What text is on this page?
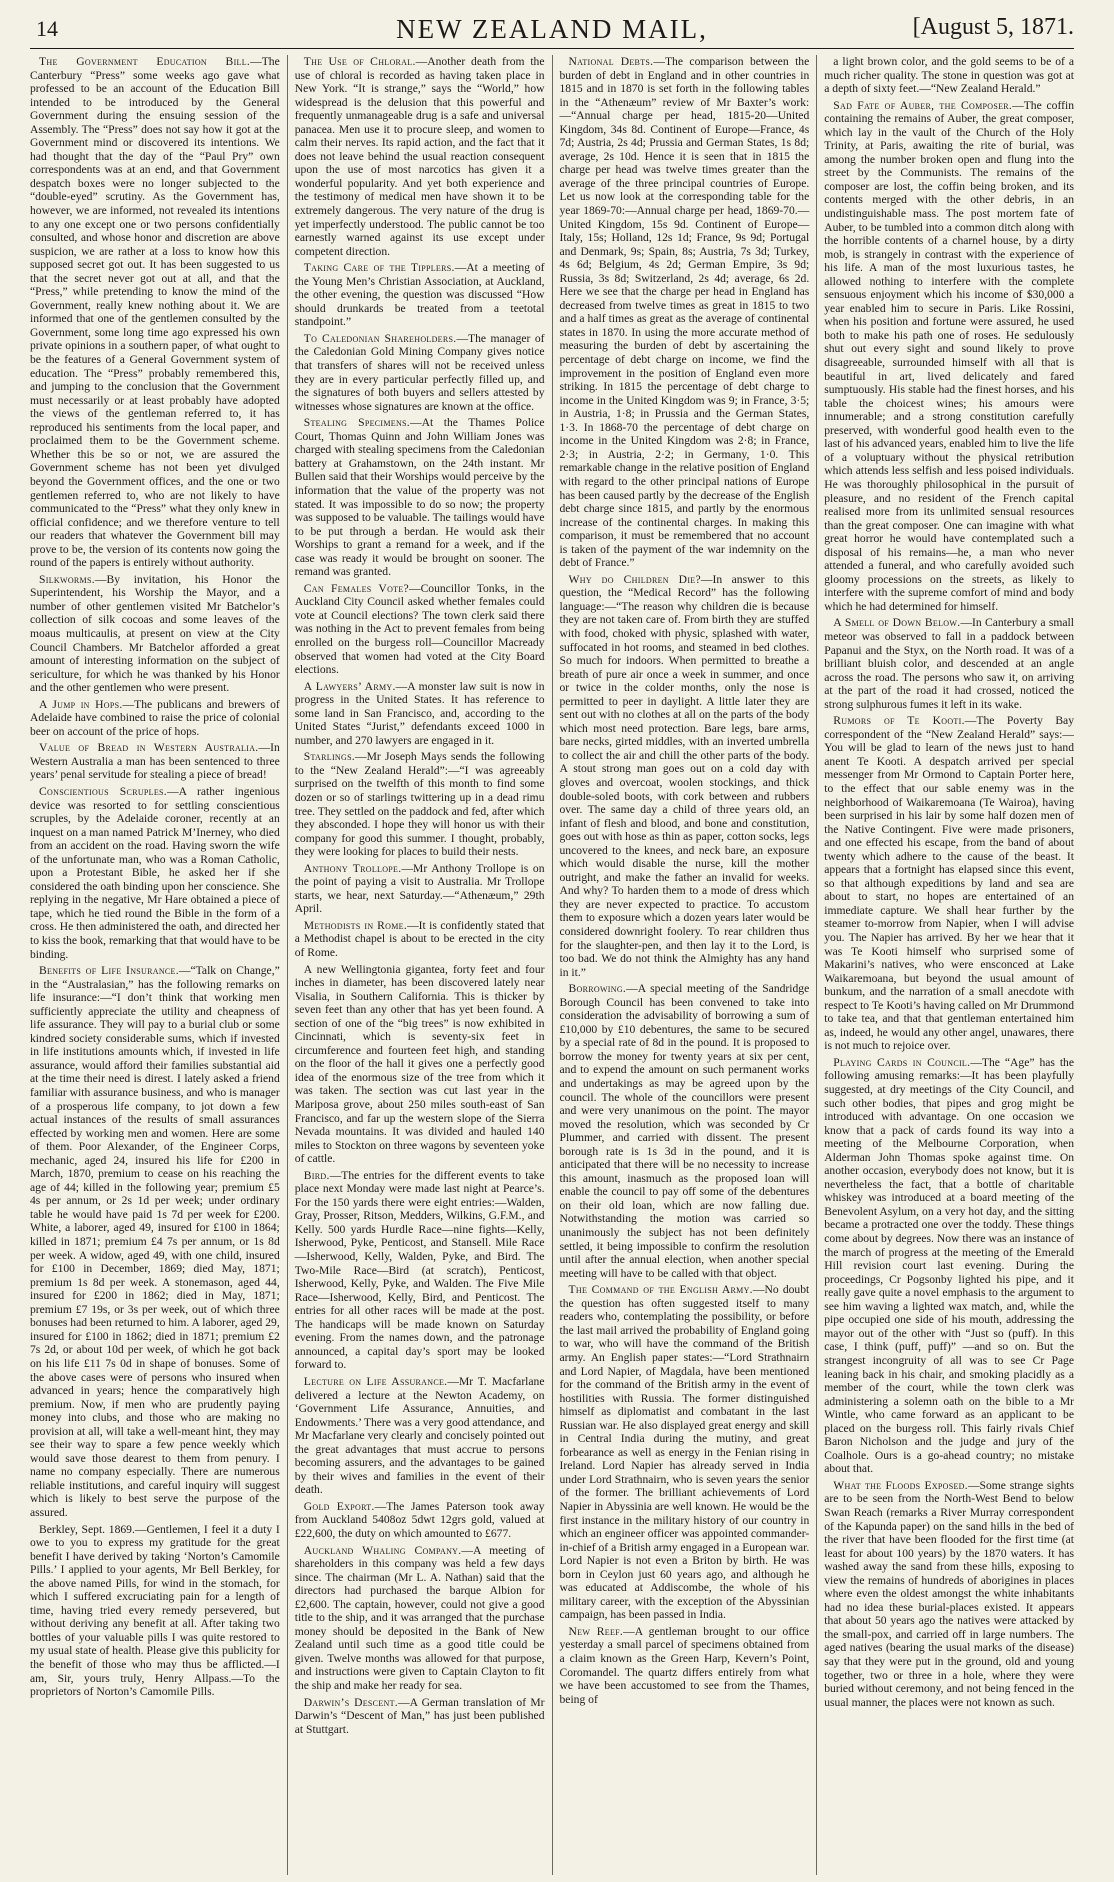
14	NEW ZEALAND MAIL,	[August 5, 1871.

The Government Education Bill.—The Canterbury “Press” some weeks ago gave what professed to be an account of the Education Bill intended to be introduced by the General Government during the ensuing session of the Assembly. The “Press” does not say how it got at the Government mind or discovered its intentions. We had thought that the day of the “Paul Pry” own correspondents was at an end, and that Government despatch boxes were no longer subjected to the “double-eyed” scrutiny. As the Government has, however, we are informed, not revealed its intentions to any one except one or two persons confidentially consulted, and whose honor and discretion are above suspicion, we are rather at a loss to know how this supposed secret got out. It has been suggested to us that the secret never got out at all, and that the “Press,” while pretending to know the mind of the Government, really knew nothing about it. We are informed that one of the gentlemen consulted by the Government, some long time ago expressed his own private opinions in a southern paper, of what ought to be the features of a General Government system of education. The “Press” probably remembered this, and jumping to the conclusion that the Government must necessarily or at least probably have adopted the views of the gentleman referred to, it has reproduced his sentiments from the local paper, and proclaimed them to be the Government scheme. Whether this be so or not, we are assured the Government scheme has not been yet divulged beyond the Government offices, and the one or two gentlemen referred to, who are not likely to have communicated to the “Press” what they only knew in official confidence; and we therefore venture to tell our readers that whatever the Government bill may prove to be, the version of its contents now going the round of the papers is entirely without authority.

Silkworms.—By invitation, his Honor the Superintendent, his Worship the Mayor, and a number of other gentlemen visited Mr Batchelor’s collection of silk cocoas and some leaves of the moaus multicaulis, at present on view at the City Council Chambers. Mr Batchelor afforded a great amount of interesting information on the subject of sericulture, for which he was thanked by his Honor and the other gentlemen who were present.

A Jump in Hops.—The publicans and brewers of Adelaide have combined to raise the price of colonial beer on account of the price of hops.

Value of Bread in Western Australia.—In Western Australia a man has been sentenced to three years’ penal servitude for stealing a piece of bread!

Conscientious Scruples.—A rather ingenious device was resorted to for settling conscientious scruples, by the Adelaide coroner, recently at an inquest on a man named Patrick M’Inerney, who died from an accident on the road. Having sworn the wife of the unfortunate man, who was a Roman Catholic, upon a Protestant Bible, he asked her if she considered the oath binding upon her conscience. She replying in the negative, Mr Hare obtained a piece of tape, which he tied round the Bible in the form of a cross. He then administered the oath, and directed her to kiss the book, remarking that that would have to be binding.

Benefits of Life Insurance.—“Talk on Change,” in the “Australasian,” has the following remarks on life insurance:—“I don’t think that working men sufficiently appreciate the utility and cheapness of life assurance. They will pay to a burial club or some kindred society considerable sums, which if invested in life institutions amounts which, if invested in life assurance, would afford their families substantial aid at the time their need is direst. I lately asked a friend familiar with assurance business, and who is manager of a prosperous life company, to jot down a few actual instances of the results of small assurances effected by working men and women. Here are some of them. Poor Alexander, of the Engineer Corps, mechanic, aged 24, insured his life for £200 in March, 1870, premium to cease on his reaching the age of 44; killed in the following year; premium £5 4s per annum, or 2s 1d per week; under ordinary table he would have paid 1s 7d per week for £200. White, a laborer, aged 49, insured for £100 in 1864; killed in 1871; premium £4 7s per annum, or 1s 8d per week. A widow, aged 49, with one child, insured for £100 in December, 1869; died May, 1871; premium 1s 8d per week. A stonemason, aged 44, insured for £200 in 1862; died in May, 1871; premium £7 19s, or 3s per week, out of which three bonuses had been returned to him. A laborer, aged 29, insured for £100 in 1862; died in 1871; premium £2 7s 2d, or about 10d per week, of which he got back on his life £11 7s 0d in shape of bonuses. Some of the above cases were of persons who insured when advanced in years; hence the comparatively high premium. Now, if men who are prudently paying money into clubs, and those who are making no provision at all, will take a well-meant hint, they may see their way to spare a few pence weekly which would save those dearest to them from penury. I name no company especially. There are numerous reliable institutions, and careful inquiry will suggest which is likely to best serve the purpose of the assured.

Berkley, Sept. 1869.—Gentlemen, I feel it a duty I owe to you to express my gratitude for the great benefit I have derived by taking ‘Norton’s Camomile Pills.’ I applied to your agents, Mr Bell Berkley, for the above named Pills, for wind in the stomach, for which I suffered excruciating pain for a length of time, having tried every remedy persevered, but without deriving any benefit at all. After taking two bottles of your valuable pills I was quite restored to my usual state of health. Please give this publicity for the benefit of those who may thus be afflicted.—I am, Sir, yours truly, Henry Allpass.—To the proprietors of Norton’s Camomile Pills.

The Use of Chloral.—Another death from the use of chloral is recorded as having taken place in New York. “It is strange,” says the “World,” how widespread is the delusion that this powerful and frequently unmanageable drug is a safe and universal panacea. Men use it to procure sleep, and women to calm their nerves. Its rapid action, and the fact that it does not leave behind the usual reaction consequent upon the use of most narcotics has given it a wonderful popularity. And yet both experience and the testimony of medical men have shown it to be extremely dangerous. The very nature of the drug is yet imperfectly understood. The public cannot be too earnestly warned against its use except under competent direction.

Taking Care of the Tipplers.—At a meeting of the Young Men’s Christian Association, at Auckland, the other evening, the question was discussed “How should drunkards be treated from a teetotal standpoint.”

To Caledonian Shareholders.—The manager of the Caledonian Gold Mining Company gives notice that transfers of shares will not be received unless they are in every particular perfectly filled up, and the signatures of both buyers and sellers attested by witnesses whose signatures are known at the office.

Stealing Specimens.—At the Thames Police Court, Thomas Quinn and John William Jones was charged with stealing specimens from the Caledonian battery at Grahamstown, on the 24th instant. Mr Bullen said that their Worships would perceive by the information that the value of the property was not stated. It was impossible to do so now; the property was supposed to be valuable. The tailings would have to be put through a berdan. He would ask their Worships to grant a remand for a week, and if the case was ready it would be brought on sooner. The remand was granted.

Can Females Vote?—Councillor Tonks, in the Auckland City Council asked whether females could vote at Council elections? The town clerk said there was nothing in the Act to prevent females from being enrolled on the burgess roll—Councillor Macready observed that women had voted at the City Board elections.

A Lawyers’ Army.—A monster law suit is now in progress in the United States. It has reference to some land in San Francisco, and, according to the United States “Jurist,” defendants exceed 1000 in number, and 270 lawyers are engaged in it.

Starlings.—Mr Joseph Mays sends the following to the “New Zealand Herald”:—“I was agreeably surprised on the twelfth of this month to find some dozen or so of starlings twittering up in a dead rimu tree. They settled on the paddock and fed, after which they absconded. I hope they will honor us with their company for good this summer. I thought, probably, they were looking for places to build their nests.

Anthony Trollope.—Mr Anthony Trollope is on the point of paying a visit to Australia. Mr Trollope starts, we hear, next Saturday.—“Athenæum,” 29th April.

Methodists in Rome.—It is confidently stated that a Methodist chapel is about to be erected in the city of Rome.

A new Wellingtonia gigantea, forty feet and four inches in diameter, has been discovered lately near Visalia, in Southern California. This is thicker by seven feet than any other that has yet been found. A section of one of the “big trees” is now exhibited in Cincinnati, which is seventy-six feet in circumference and fourteen feet high, and standing on the floor of the hall it gives one a perfectly good idea of the enormous size of the tree from which it was taken. The section was cut last year in the Mariposa grove, about 250 miles south-east of San Francisco, and far up the western slope of the Sierra Nevada mountains. It was divided and hauled 140 miles to Stockton on three wagons by seventeen yoke of cattle.

Bird.—The entries for the different events to take place next Monday were made last night at Pearce’s. For the 150 yards there were eight entries:—Walden, Gray, Prosser, Ritson, Medders, Wilkins, G.F.M., and Kelly. 500 yards Hurdle Race—nine fights—Kelly, Isherwood, Pyke, Penticost, and Stansell. Mile Race—Isherwood, Kelly, Walden, Pyke, and Bird. The Two-Mile Race—Bird (at scratch), Penticost, Isherwood, Kelly, Pyke, and Walden. The Five Mile Race—Isherwood, Kelly, Bird, and Penticost. The entries for all other races will be made at the post. The handicaps will be made known on Saturday evening. From the names down, and the patronage announced, a capital day’s sport may be looked forward to.

Lecture on Life Assurance.—Mr T. Macfarlane delivered a lecture at the Newton Academy, on ‘Government Life Assurance, Annuities, and Endowments.’ There was a very good attendance, and Mr Macfarlane very clearly and concisely pointed out the great advantages that must accrue to persons becoming assurers, and the advantages to be gained by their wives and families in the event of their death.

Gold Export.—The James Paterson took away from Auckland 5408oz 5dwt 12grs gold, valued at £22,600, the duty on which amounted to £677.

Auckland Whaling Company.—A meeting of shareholders in this company was held a few days since. The chairman (Mr L. A. Nathan) said that the directors had purchased the barque Albion for £2,600. The captain, however, could not give a good title to the ship, and it was arranged that the purchase money should be deposited in the Bank of New Zealand until such time as a good title could be given. Twelve months was allowed for that purpose, and instructions were given to Captain Clayton to fit the ship and make her ready for sea.

Darwin’s Descent.—A German translation of Mr Darwin’s “Descent of Man,” has just been published at Stuttgart.

National Debts.—The comparison between the burden of debt in England and in other countries in 1815 and in 1870 is set forth in the following tables in the “Athenæum” review of Mr Baxter’s work:—“Annual charge per head, 1815-20—United Kingdom, 34s 8d. Continent of Europe—France, 4s 7d; Austria, 2s 4d; Prussia and German States, 1s 8d; average, 2s 10d. Hence it is seen that in 1815 the charge per head was twelve times greater than the average of the three principal countries of Europe. Let us now look at the corresponding table for the year 1869-70:—Annual charge per head, 1869-70.—United Kingdom, 15s 9d. Continent of Europe—Italy, 15s; Holland, 12s 1d; France, 9s 9d; Portugal and Denmark, 9s; Spain, 8s; Austria, 7s 3d; Turkey, 4s 6d; Belgium, 4s 2d; German Empire, 3s 9d; Russia, 3s 8d; Switzerland, 2s 4d; average, 6s 2d. Here we see that the charge per head in England has decreased from twelve times as great in 1815 to two and a half times as great as the average of continental states in 1870. In using the more accurate method of measuring the burden of debt by ascertaining the percentage of debt charge on income, we find the improvement in the position of England even more striking. In 1815 the percentage of debt charge to income in the United Kingdom was 9; in France, 3·5; in Austria, 1·8; in Prussia and the German States, 1·3. In 1868-70 the percentage of debt charge on income in the United Kingdom was 2·8; in France, 2·3; in Austria, 2·2; in Germany, 1·0. This remarkable change in the relative position of England with regard to the other principal nations of Europe has been caused partly by the decrease of the English debt charge since 1815, and partly by the enormous increase of the continental charges. In making this comparison, it must be remembered that no account is taken of the payment of the war indemnity on the debt of France.”

Why do Children Die?—In answer to this question, the “Medical Record” has the following language:—“The reason why children die is because they are not taken care of. From birth they are stuffed with food, choked with physic, splashed with water, suffocated in hot rooms, and steamed in bed clothes. So much for indoors. When permitted to breathe a breath of pure air once a week in summer, and once or twice in the colder months, only the nose is permitted to peer in daylight. A little later they are sent out with no clothes at all on the parts of the body which most need protection. Bare legs, bare arms, bare necks, girted middles, with an inverted umbrella to collect the air and chill the other parts of the body. A stout strong man goes out on a cold day with gloves and overcoat, woolen stockings, and thick double-soled boots, with cork between and rubbers over. The same day a child of three years old, an infant of flesh and blood, and bone and constitution, goes out with hose as thin as paper, cotton socks, legs uncovered to the knees, and neck bare, an exposure which would disable the nurse, kill the mother outright, and make the father an invalid for weeks. And why? To harden them to a mode of dress which they are never expected to practice. To accustom them to exposure which a dozen years later would be considered downright foolery. To rear children thus for the slaughter-pen, and then lay it to the Lord, is too bad. We do not think the Almighty has any hand in it.”

Borrowing.—A special meeting of the Sandridge Borough Council has been convened to take into consideration the advisability of borrowing a sum of £10,000 by £10 debentures, the same to be secured by a special rate of 8d in the pound. It is proposed to borrow the money for twenty years at six per cent, and to expend the amount on such permanent works and undertakings as may be agreed upon by the council. The whole of the councillors were present and were very unanimous on the point. The mayor moved the resolution, which was seconded by Cr Plummer, and carried with dissent. The present borough rate is 1s 3d in the pound, and it is anticipated that there will be no necessity to increase this amount, inasmuch as the proposed loan will enable the council to pay off some of the debentures on their old loan, which are now falling due. Notwithstanding the motion was carried so unanimously the subject has not been definitely settled, it being impossible to confirm the resolution until after the annual election, when another special meeting will have to be called with that object.

The Command of the English Army.—No doubt the question has often suggested itself to many readers who, contemplating the possibility, or before the last mail arrived the probability of England going to war, who will have the command of the British army. An English paper states:—“Lord Strathnairn and Lord Napier, of Magdala, have been mentioned for the command of the British army in the event of hostilities with Russia. The former distinguished himself as diplomatist and combatant in the last Russian war. He also displayed great energy and skill in Central India during the mutiny, and great forbearance as well as energy in the Fenian rising in Ireland. Lord Napier has already served in India under Lord Strathnairn, who is seven years the senior of the former. The brilliant achievements of Lord Napier in Abyssinia are well known. He would be the first instance in the military history of our country in which an engineer officer was appointed commander-in-chief of a British army engaged in a European war. Lord Napier is not even a Briton by birth. He was born in Ceylon just 60 years ago, and although he was educated at Addiscombe, the whole of his military career, with the exception of the Abyssinian campaign, has been passed in India.

New Reef.—A gentleman brought to our office yesterday a small parcel of specimens obtained from a claim known as the Green Harp, Kevern’s Point, Coromandel. The quartz differs entirely from what we have been accustomed to see from the Thames, being of

a light brown color, and the gold seems to be of a much richer quality. The stone in question was got at a depth of sixty feet.—“New Zealand Herald.”

Sad Fate of Auber, the Composer.—The coffin containing the remains of Auber, the great composer, which lay in the vault of the Church of the Holy Trinity, at Paris, awaiting the rite of burial, was among the number broken open and flung into the street by the Communists. The remains of the composer are lost, the coffin being broken, and its contents merged with the other debris, in an undistinguishable mass. The post mortem fate of Auber, to be tumbled into a common ditch along with the horrible contents of a charnel house, by a dirty mob, is strangely in contrast with the experience of his life. A man of the most luxurious tastes, he allowed nothing to interfere with the complete sensuous enjoyment which his income of $30,000 a year enabled him to secure in Paris. Like Rossini, when his position and fortune were assured, he used both to make his path one of roses. He sedulously shut out every sight and sound likely to prove disagreeable, surrounded himself with all that is beautiful in art, lived delicately and fared sumptuously. His stable had the finest horses, and his table the choicest wines; his amours were innumerable; and a strong constitution carefully preserved, with wonderful good health even to the last of his advanced years, enabled him to live the life of a voluptuary without the physical retribution which attends less selfish and less poised individuals. He was thoroughly philosophical in the pursuit of pleasure, and no resident of the French capital realised more from its unlimited sensual resources than the great composer. One can imagine with what great horror he would have contemplated such a disposal of his remains—he, a man who never attended a funeral, and who carefully avoided such gloomy processions on the streets, as likely to interfere with the supreme comfort of mind and body which he had determined for himself.

A Smell of Down Below.—In Canterbury a small meteor was observed to fall in a paddock between Papanui and the Styx, on the North road. It was of a brilliant bluish color, and descended at an angle across the road. The persons who saw it, on arriving at the part of the road it had crossed, noticed the strong sulphurous fumes it left in its wake.

Rumors of Te Kooti.—The Poverty Bay correspondent of the “New Zealand Herald” says:—You will be glad to learn of the news just to hand anent Te Kooti. A despatch arrived per special messenger from Mr Ormond to Captain Porter here, to the effect that our sable enemy was in the neighborhood of Waikaremoana (Te Wairoa), having been surprised in his lair by some half dozen men of the Native Contingent. Five were made prisoners, and one effected his escape, from the band of about twenty which adhere to the cause of the beast. It appears that a fortnight has elapsed since this event, so that although expeditions by land and sea are about to start, no hopes are entertained of an immediate capture. We shall hear further by the steamer to-morrow from Napier, when I will advise you. The Napier has arrived. By her we hear that it was Te Kooti himself who surprised some of Makarini’s natives, who were ensconced at Lake Waikaremoana, but beyond the usual amount of bunkum, and the narration of a small anecdote with respect to Te Kooti’s having called on Mr Drummond to take tea, and that that gentleman entertained him as, indeed, he would any other angel, unawares, there is not much to rejoice over.

Playing Cards in Council.—The “Age” has the following amusing remarks:—It has been playfully suggested, at dry meetings of the City Council, and such other bodies, that pipes and grog might be introduced with advantage. On one occasion we know that a pack of cards found its way into a meeting of the Melbourne Corporation, when Alderman John Thomas spoke against time. On another occasion, everybody does not know, but it is nevertheless the fact, that a bottle of charitable whiskey was introduced at a board meeting of the Benevolent Asylum, on a very hot day, and the sitting became a protracted one over the toddy. These things come about by degrees. Now there was an instance of the march of progress at the meeting of the Emerald Hill revision court last evening. During the proceedings, Cr Pogsonby lighted his pipe, and it really gave quite a novel emphasis to the argument to see him waving a lighted wax match, and, while the pipe occupied one side of his mouth, addressing the mayor out of the other with “Just so (puff). In this case, I think (puff, puff)” —and so on. But the strangest incongruity of all was to see Cr Page leaning back in his chair, and smoking placidly as a member of the court, while the town clerk was administering a solemn oath on the bible to a Mr Wintle, who came forward as an applicant to be placed on the burgess roll. This fairly rivals Chief Baron Nicholson and the judge and jury of the Coalhole. Ours is a go-ahead country; no mistake about that.

What the Floods Exposed.—Some strange sights are to be seen from the North-West Bend to below Swan Reach (remarks a River Murray correspondent of the Kapunda paper) on the sand hills in the bed of the river that have been flooded for the first time (at least for about 100 years) by the 1870 waters. It has washed away the sand from these hills, exposing to view the remains of hundreds of aborigines in places where even the oldest amongst the white inhabitants had no idea these burial-places existed. It appears that about 50 years ago the natives were attacked by the small-pox, and carried off in large numbers. The aged natives (bearing the usual marks of the disease) say that they were put in the ground, old and young together, two or three in a hole, where they were buried without ceremony, and not being fenced in the usual manner, the places were not known as such.
